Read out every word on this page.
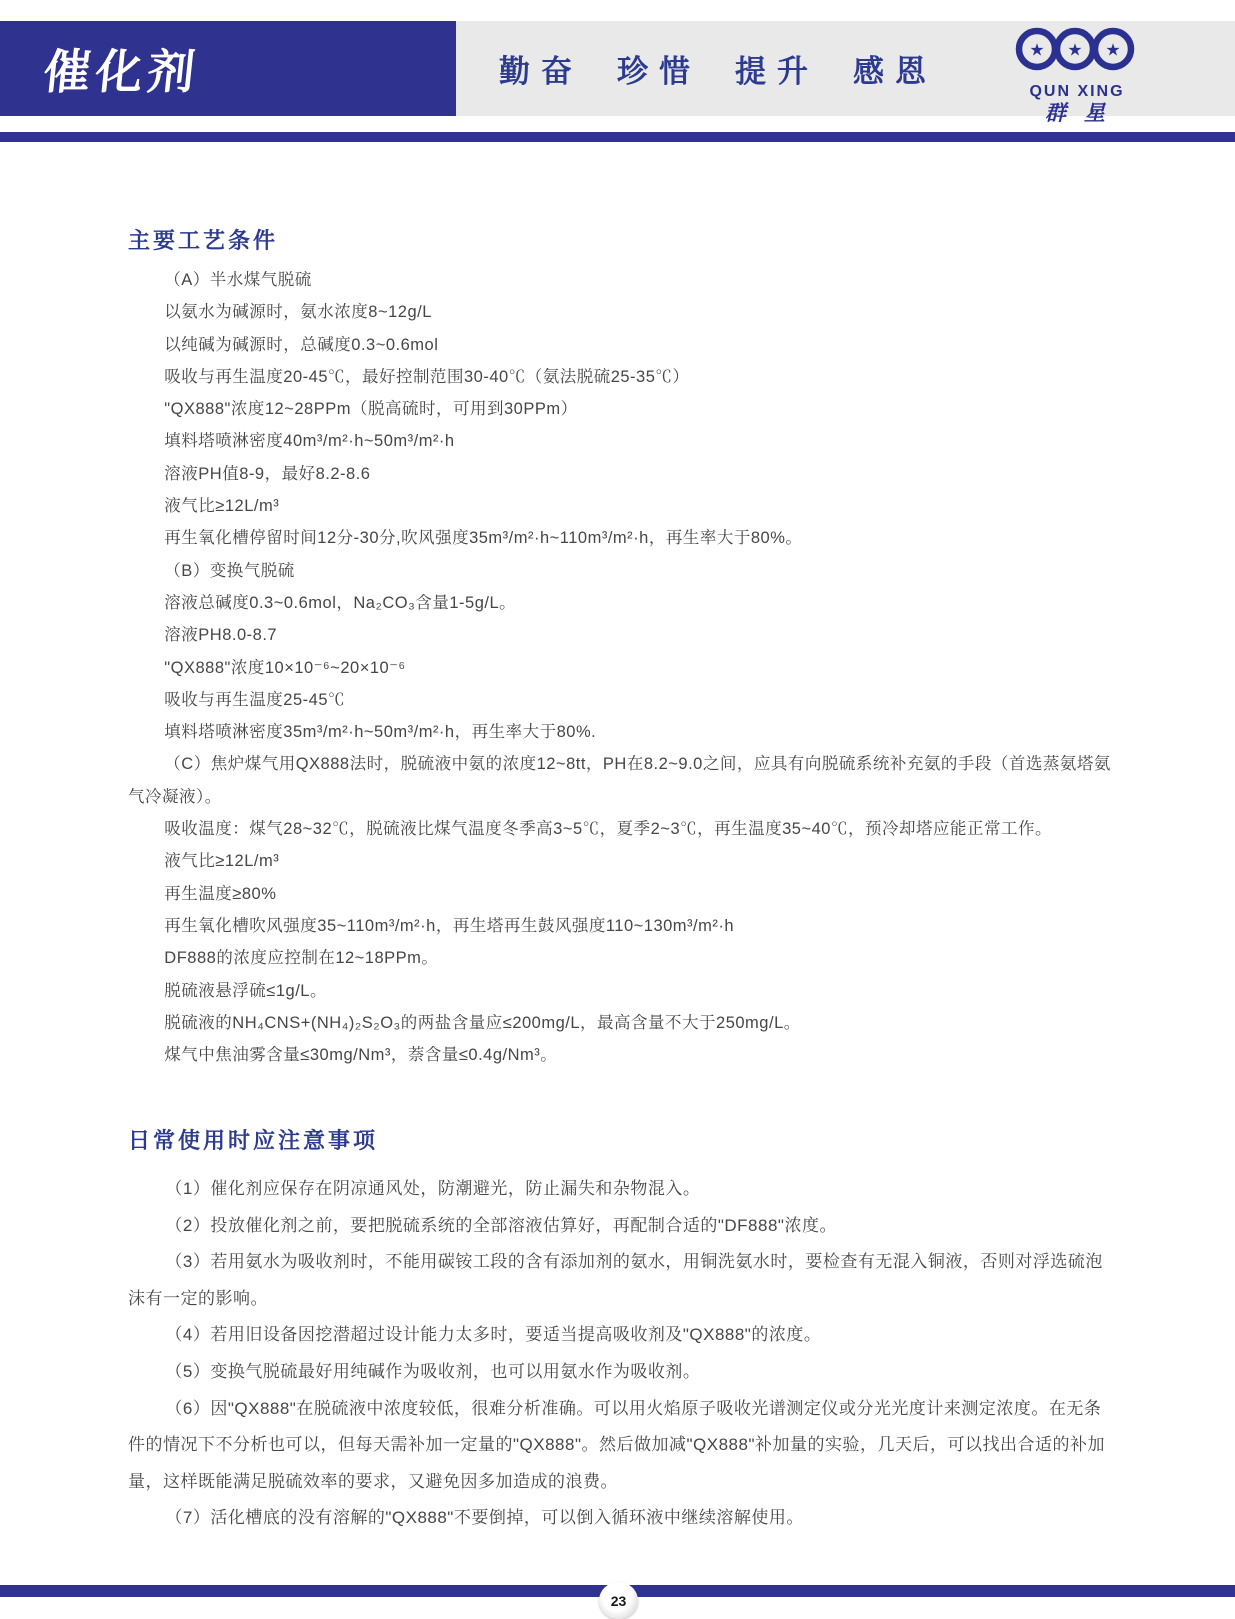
催化剂	勤奋 珍惜 提升 感恩
★ ★ ★
QUN XING
群星
主要工艺条件

（A）半水煤气脱硫

以氨水为碱源时，氨水浓度8~12g/L

以纯碱为碱源时，总碱度0.3~0.6mol

吸收与再生温度20-45℃，最好控制范围30-40℃（氨法脱硫25-35℃）

"QX888"浓度12~28PPm（脱高硫时，可用到30PPm）

填料塔喷淋密度40m³/m²·h~50m³/m²·h

溶液PH值8-9，最好8.2-8.6

液气比≥12L/m³

再生氧化槽停留时间12分-30分,吹风强度35m³/m²·h~110m³/m²·h，再生率大于80%。

（B）变换气脱硫

溶液总碱度0.3~0.6mol，Na₂CO₃含量1-5g/L。

溶液PH8.0-8.7

"QX888"浓度10×10⁻⁶~20×10⁻⁶

吸收与再生温度25-45℃

填料塔喷淋密度35m³/m²·h~50m³/m²·h，再生率大于80%.

（C）焦炉煤气用QX888法时，脱硫液中氨的浓度12~8tt，PH在8.2~9.0之间，应具有向脱硫系统补充氨的手段（首选蒸氨塔氨气冷凝液）。

吸收温度：煤气28~32℃，脱硫液比煤气温度冬季高3~5℃，夏季2~3℃，再生温度35~40℃，预冷却塔应能正常工作。

液气比≥12L/m³

再生温度≥80%

再生氧化槽吹风强度35~110m³/m²·h，再生塔再生鼓风强度110~130m³/m²·h

DF888的浓度应控制在12~18PPm。

脱硫液悬浮硫≤1g/L。

脱硫液的NH₄CNS+(NH₄)₂S₂O₃的两盐含量应≤200mg/L，最高含量不大于250mg/L。

煤气中焦油雾含量≤30mg/Nm³，萘含量≤0.4g/Nm³。

日常使用时应注意事项

（1）催化剂应保存在阴凉通风处，防潮避光，防止漏失和杂物混入。

（2）投放催化剂之前，要把脱硫系统的全部溶液估算好，再配制合适的"DF888"浓度。

（3）若用氨水为吸收剂时，不能用碳铵工段的含有添加剂的氨水，用铜洗氨水时，要检查有无混入铜液，否则对浮选硫泡沫有一定的影响。

（4）若用旧设备因挖潜超过设计能力太多时，要适当提高吸收剂及"QX888"的浓度。

（5）变换气脱硫最好用纯碱作为吸收剂，也可以用氨水作为吸收剂。

（6）因"QX888"在脱硫液中浓度较低，很难分析准确。可以用火焰原子吸收光谱测定仪或分光光度计来测定浓度。在无条件的情况下不分析也可以，但每天需补加一定量的"QX888"。然后做加减"QX888"补加量的实验，几天后，可以找出合适的补加量，这样既能满足脱硫效率的要求，又避免因多加造成的浪费。

（7）活化槽底的没有溶解的"QX888"不要倒掉，可以倒入循环液中继续溶解使用。

23
